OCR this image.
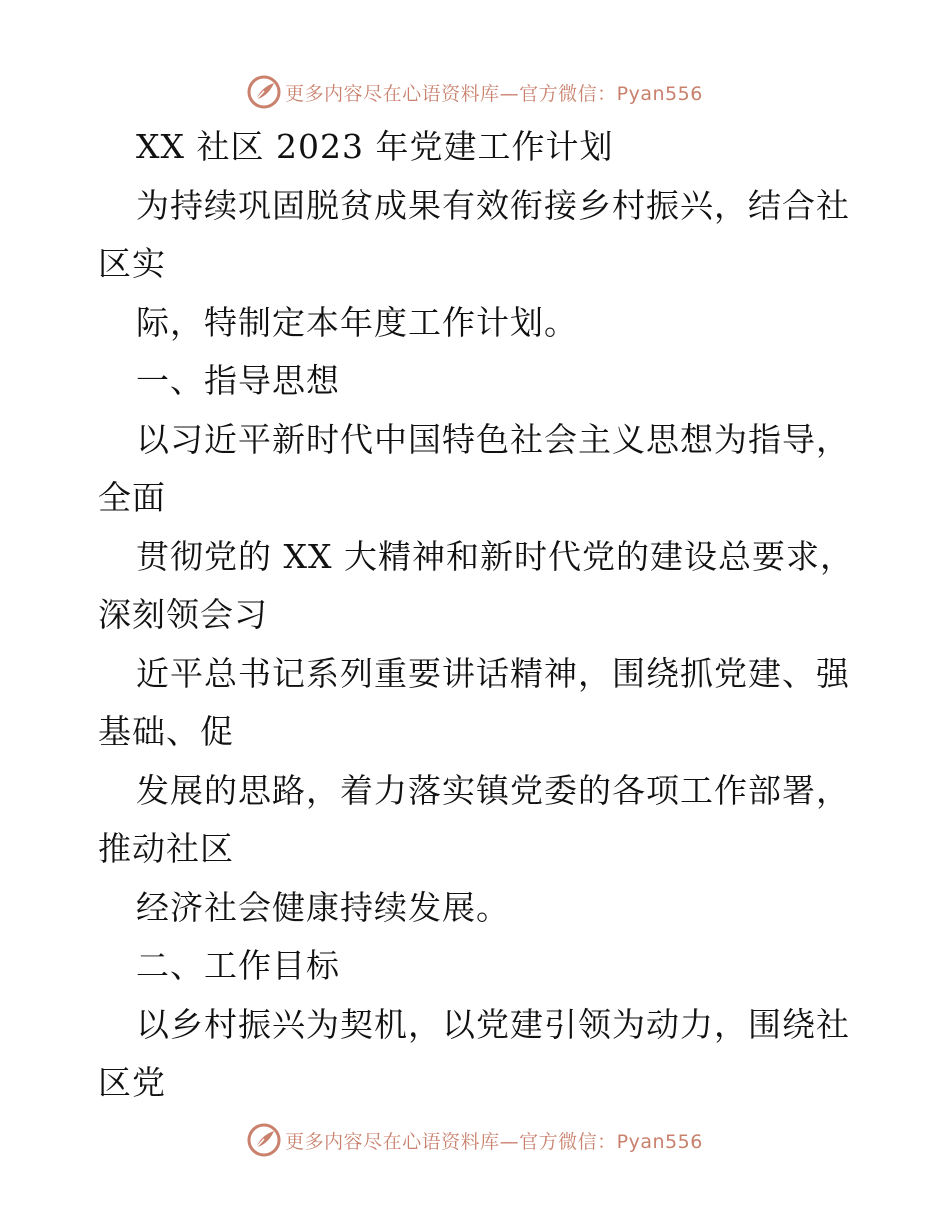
更多内容尽在心语资料库—官方微信：Pyan556
XX 社区 2023 年党建工作计划
为持续巩固脱贫成果有效衔接乡村振兴，结合社
区实
际，特制定本年度工作计划。
一、指导思想
以习近平新时代中国特色社会主义思想为指导，
全面
贯彻党的 XX 大精神和新时代党的建设总要求，
深刻领会习
近平总书记系列重要讲话精神，围绕抓党建、强
基础、促
发展的思路，着力落实镇党委的各项工作部署，
推动社区
经济社会健康持续发展。
二、工作目标
以乡村振兴为契机，以党建引领为动力，围绕社
区党
更多内容尽在心语资料库—官方微信：Pyan556
